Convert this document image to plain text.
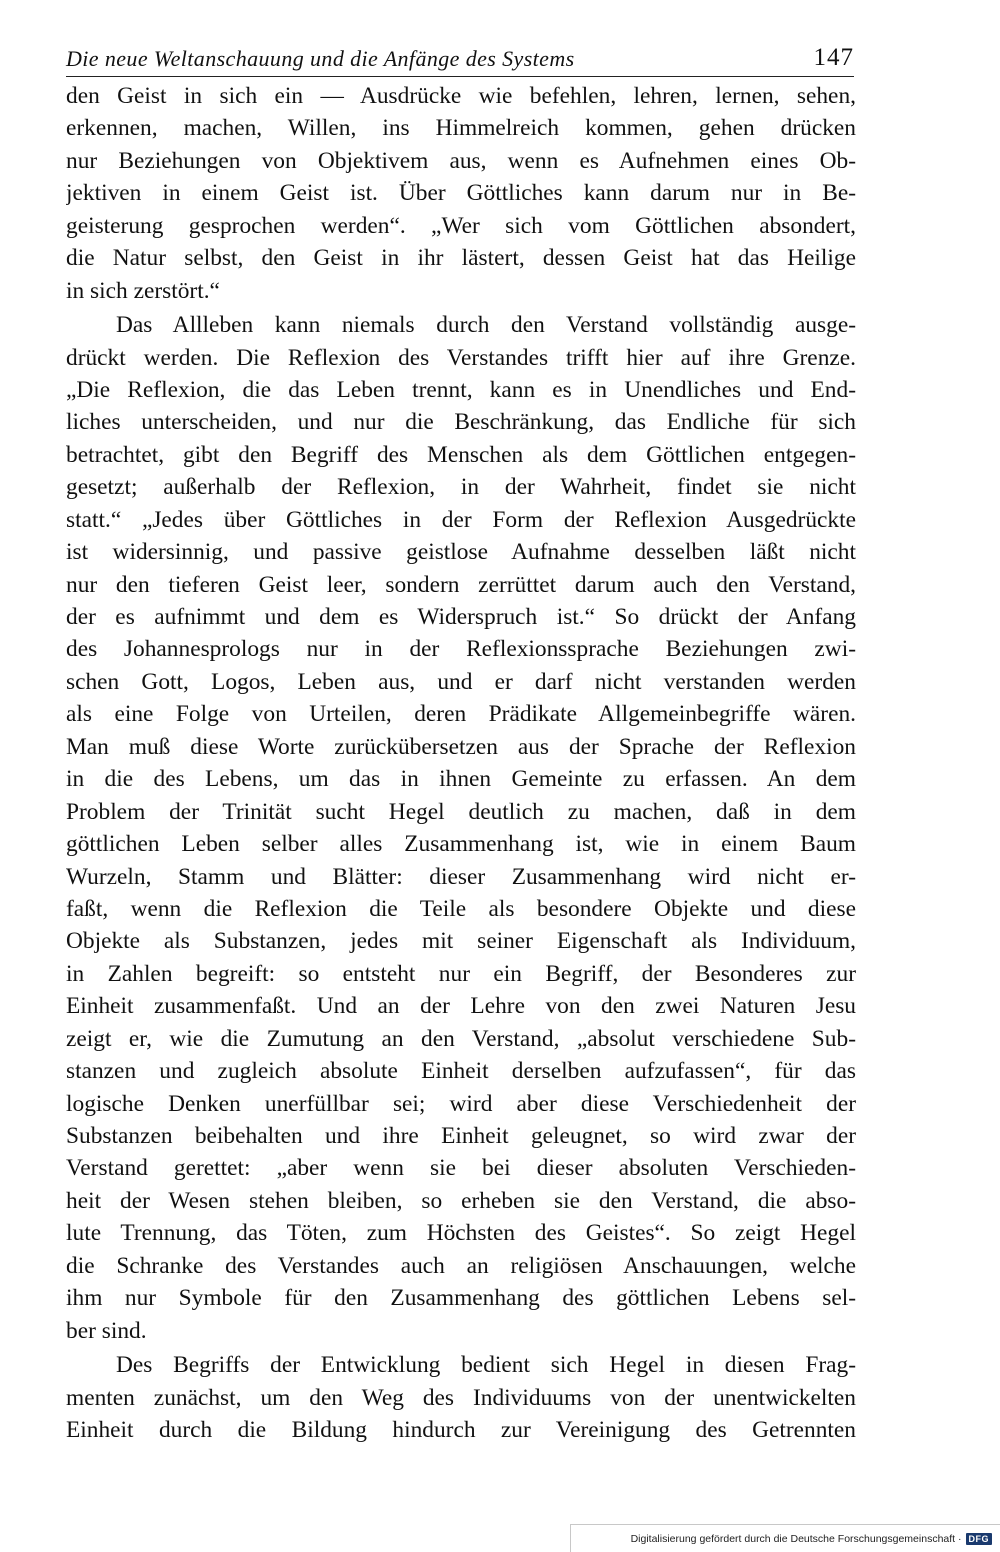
Die neue Weltanschauung und die Anfänge des Systems	147
den Geist in sich ein — Ausdrücke wie befehlen, lehren, lernen, sehen,
erkennen, machen, Willen, ins Himmelreich kommen, gehen drücken
nur Beziehungen von Objektivem aus, wenn es Aufnehmen eines Ob-
jektiven in einem Geist ist. Über Göttliches kann darum nur in Be-
geisterung gesprochen werden“. „Wer sich vom Göttlichen absondert,
die Natur selbst, den Geist in ihr lästert, dessen Geist hat das Heilige
in sich zerstört.“
Das Allleben kann niemals durch den Verstand vollständig ausge-
drückt werden. Die Reflexion des Verstandes trifft hier auf ihre Grenze.
„Die Reflexion, die das Leben trennt, kann es in Unendliches und End-
liches unterscheiden, und nur die Beschränkung, das Endliche für sich
betrachtet, gibt den Begriff des Menschen als dem Göttlichen entgegen-
gesetzt; außerhalb der Reflexion, in der Wahrheit, findet sie nicht
statt.“ „Jedes über Göttliches in der Form der Reflexion Ausgedrückte
ist widersinnig, und passive geistlose Aufnahme desselben läßt nicht
nur den tieferen Geist leer, sondern zerrüttet darum auch den Verstand,
der es aufnimmt und dem es Widerspruch ist.“ So drückt der Anfang
des Johannesprologs nur in der Reflexionssprache Beziehungen zwi-
schen Gott, Logos, Leben aus, und er darf nicht verstanden werden
als eine Folge von Urteilen, deren Prädikate Allgemeinbegriffe wären.
Man muß diese Worte zurückübersetzen aus der Sprache der Reflexion
in die des Lebens, um das in ihnen Gemeinte zu erfassen. An dem
Problem der Trinität sucht Hegel deutlich zu machen, daß in dem
göttlichen Leben selber alles Zusammenhang ist, wie in einem Baum
Wurzeln, Stamm und Blätter: dieser Zusammenhang wird nicht er-
faßt, wenn die Reflexion die Teile als besondere Objekte und diese
Objekte als Substanzen, jedes mit seiner Eigenschaft als Individuum,
in Zahlen begreift: so entsteht nur ein Begriff, der Besonderes zur
Einheit zusammenfaßt. Und an der Lehre von den zwei Naturen Jesu
zeigt er, wie die Zumutung an den Verstand, „absolut verschiedene Sub-
stanzen und zugleich absolute Einheit derselben aufzufassen“, für das
logische Denken unerfüllbar sei; wird aber diese Verschiedenheit der
Substanzen beibehalten und ihre Einheit geleugnet, so wird zwar der
Verstand gerettet: „aber wenn sie bei dieser absoluten Verschieden-
heit der Wesen stehen bleiben, so erheben sie den Verstand, die abso-
lute Trennung, das Töten, zum Höchsten des Geistes“. So zeigt Hegel
die Schranke des Verstandes auch an religiösen Anschauungen, welche
ihm nur Symbole für den Zusammenhang des göttlichen Lebens sel-
ber sind.
Des Begriffs der Entwicklung bedient sich Hegel in diesen Frag-
menten zunächst, um den Weg des Individuums von der unentwickelten
Einheit durch die Bildung hindurch zur Vereinigung des Getrennten
Digitalisierung gefördert durch die Deutsche Forschungsgemeinschaft · DFG
